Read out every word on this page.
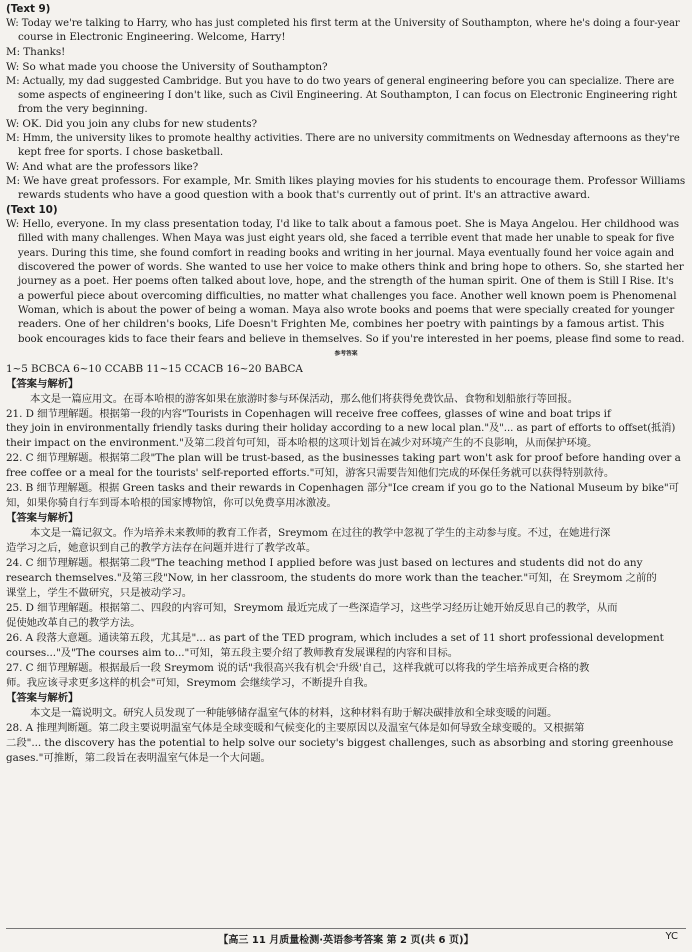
(Text 9)
W: Today we're talking to Harry, who has just completed his first term at the University of Southampton, where he's doing a four-year
course in Electronic Engineering. Welcome, Harry!
M: Thanks!
W: So what made you choose the University of Southampton?
M: Actually, my dad suggested Cambridge. But you have to do two years of general engineering before you can specialize. There are
some aspects of engineering I don't like, such as Civil Engineering. At Southampton, I can focus on Electronic Engineering right
from the very beginning.
W: OK. Did you join any clubs for new students?
M: Hmm, the university likes to promote healthy activities. There are no university commitments on Wednesday afternoons as they're
kept free for sports. I chose basketball.
W: And what are the professors like?
M: We have great professors. For example, Mr. Smith likes playing movies for his students to encourage them. Professor Williams
rewards students who have a good question with a book that's currently out of print. It's an attractive award.
(Text 10)
W: Hello, everyone. In my class presentation today, I'd like to talk about a famous poet. She is Maya Angelou. Her childhood was
filled with many challenges. When Maya was just eight years old, she faced a terrible event that made her unable to speak for five
years. During this time, she found comfort in reading books and writing in her journal. Maya eventually found her voice again and
discovered the power of words. She wanted to use her voice to make others think and bring hope to others. So, she started her
journey as a poet. Her poems often talked about love, hope, and the strength of the human spirit. One of them is Still I Rise. It's
a powerful piece about overcoming difficulties, no matter what challenges you face. Another well known poem is Phenomenal
Woman, which is about the power of being a woman. Maya also wrote books and poems that were specially created for younger
readers. One of her children's books, Life Doesn't Frighten Me, combines her poetry with paintings by a famous artist. This
book encourages kids to face their fears and believe in themselves. So if you're interested in her poems, please find some to read.
参考答案
1~5 BCBCA 6~10 CCABB 11~15 CCACB 16~20 BABCA
【答案与解析】
本文是一篇应用文。在哥本哈根的游客如果在旅游时参与环保活动，那么他们将获得免费饮品、食物和划船旅行等回报。
21. D 细节理解题。根据第一段的内容"Tourists in Copenhagen will receive free coffees, glasses of wine and boat trips if
they join in environmentally friendly tasks during their holiday according to a new local plan."及"... as part of efforts to offset(抵消)
their impact on the environment."及第二段首句可知，哥本哈根的这项计划旨在减少对环境产生的不良影响，从而保护环境。
22. C 细节理解题。根据第二段"The plan will be trust-based, as the businesses taking part won't ask for proof before handing over a
free coffee or a meal for the tourists' self-reported efforts."可知，游客只需要告知他们完成的环保任务就可以获得特别款待。
23. B 细节理解题。根据 Green tasks and their rewards in Copenhagen 部分"Ice cream if you go to the National Museum by bike"可
知，如果你骑自行车到哥本哈根的国家博物馆，你可以免费享用冰激凌。
【答案与解析】
本文是一篇记叙文。作为培养未来教师的教育工作者，Sreymom 在过往的教学中忽视了学生的主动参与度。不过，在她进行深
造学习之后，她意识到自己的教学方法存在问题并进行了教学改革。
24. C 细节理解题。根据第二段"The teaching method I applied before was just based on lectures and students did not do any
research themselves."及第三段"Now, in her classroom, the students do more work than the teacher."可知，在 Sreymom 之前的
课堂上，学生不做研究，只是被动学习。
25. D 细节理解题。根据第二、四段的内容可知，Sreymom 最近完成了一些深造学习，这些学习经历让她开始反思自己的教学，从而
促使她改革自己的教学方法。
26. A 段落大意题。通读第五段，尤其是"... as part of the TED program, which includes a set of 11 short professional development
courses..."及"The courses aim to..."可知，第五段主要介绍了教师教育发展课程的内容和目标。
27. C 细节理解题。根据最后一段 Sreymom 说的话"我很高兴我有机会'升级'自己，这样我就可以将我的学生培养成更合格的教
师。我应该寻求更多这样的机会"可知，Sreymom 会继续学习，不断提升自我。
【答案与解析】
本文是一篇说明文。研究人员发现了一种能够储存温室气体的材料，这种材料有助于解决碳排放和全球变暖的问题。
28. A 推理判断题。第二段主要说明温室气体是全球变暖和气候变化的主要原因以及温室气体是如何导致全球变暖的。又根据第
二段"... the discovery has the potential to help solve our society's biggest challenges, such as absorbing and storing greenhouse
gases."可推断，第二段旨在表明温室气体是一个大问题。
【高三 11 月质量检测·英语参考答案 第 2 页(共 6 页)】	YC
